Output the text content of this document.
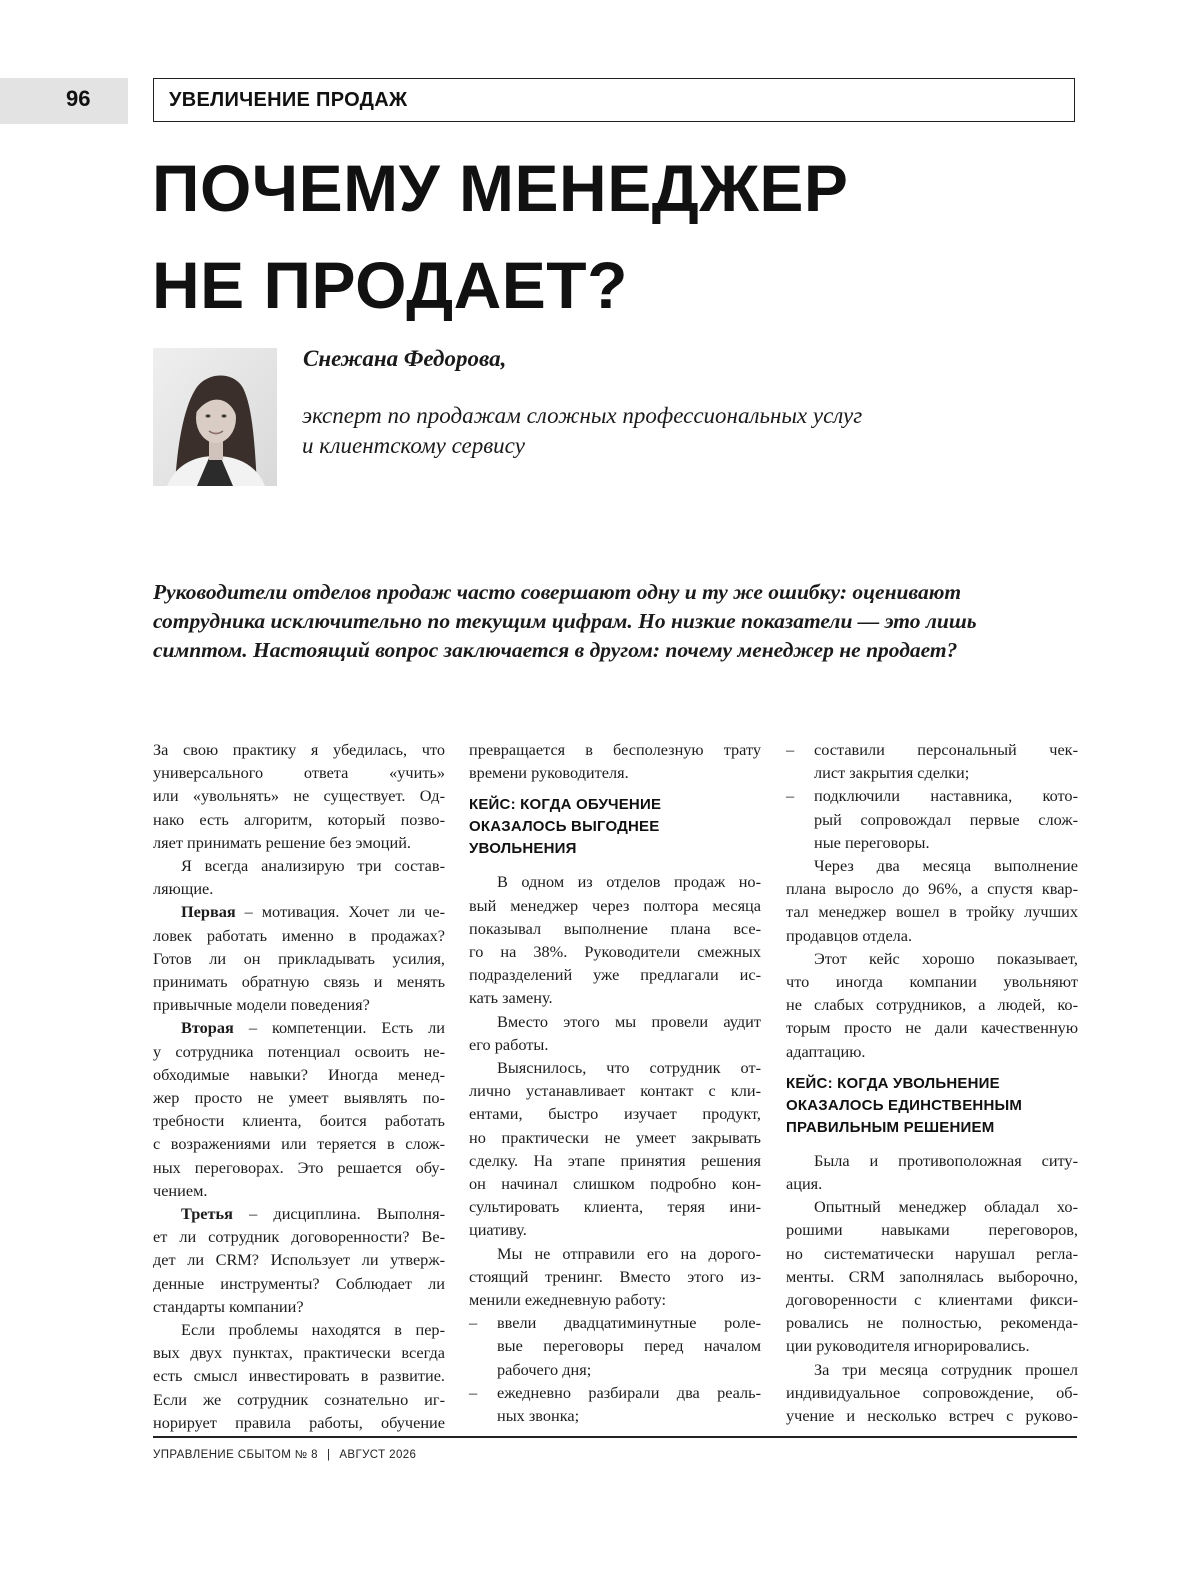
96	УВЕЛИЧЕНИЕ ПРОДАЖ
ПОЧЕМУ МЕНЕДЖЕР
НЕ ПРОДАЕТ?
Снежана Федорова,
эксперт по продажам сложных профессиональных услуг
и клиентскому сервису
Руководители отделов продаж часто совершают одну и ту же ошибку: оценивают
сотрудника исключительно по текущим цифрам. Но низкие показатели — это лишь
симптом. Настоящий вопрос заключается в другом: почему менеджер не продает?

За свою практику я убедилась, что
универсального ответа «учить»
или «увольнять» не существует. Од-
нако есть алгоритм, который позво-
ляет принимать решение без эмоций.

Я всегда анализирую три состав-
ляющие.

Первая – мотивация. Хочет ли че-
ловек работать именно в продажах?
Готов ли он прикладывать усилия,
принимать обратную связь и менять
привычные модели поведения?

Вторая – компетенции. Есть ли
у сотрудника потенциал освоить не-
обходимые навыки? Иногда менед-
жер просто не умеет выявлять по-
требности клиента, боится работать
с возражениями или теряется в слож-
ных переговорах. Это решается обу-
чением.

Третья – дисциплина. Выполня-
ет ли сотрудник договоренности? Ве-
дет ли CRM? Использует ли утверж-
денные инструменты? Соблюдает ли
стандарты компании?

Если проблемы находятся в пер-
вых двух пунктах, практически всегда
есть смысл инвестировать в развитие.
Если же сотрудник сознательно иг-
норирует правила работы, обучение

превращается в бесполезную трату
времени руководителя.

КЕЙС: КОГДА ОБУЧЕНИЕ
ОКАЗАЛОСЬ ВЫГОДНЕЕ
УВОЛЬНЕНИЯ

В одном из отделов продаж но-
вый менеджер через полтора месяца
показывал выполнение плана все-
го на 38%. Руководители смежных
подразделений уже предлагали ис-
кать замену.

Вместо этого мы провели аудит
его работы.

Выяснилось, что сотрудник от-
лично устанавливает контакт с кли-
ентами, быстро изучает продукт,
но практически не умеет закрывать
сделку. На этапе принятия решения
он начинал слишком подробно кон-
сультировать клиента, теряя ини-
циативу.

Мы не отправили его на дорого-
стоящий тренинг. Вместо этого из-
менили ежедневную работу:

– ввели двадцатиминутные роле-
вые переговоры перед началом
рабочего дня;

– ежедневно разбирали два реаль-
ных звонка;

– составили персональный чек-
лист закрытия сделки;

– подключили наставника, кото-
рый сопровождал первые слож-
ные переговоры.

Через два месяца выполнение
плана выросло до 96%, а спустя квар-
тал менеджер вошел в тройку лучших
продавцов отдела.

Этот кейс хорошо показывает,
что иногда компании увольняют
не слабых сотрудников, а людей, ко-
торым просто не дали качественную
адаптацию.

КЕЙС: КОГДА УВОЛЬНЕНИЕ
ОКАЗАЛОСЬ ЕДИНСТВЕННЫМ
ПРАВИЛЬНЫМ РЕШЕНИЕМ

Была и противоположная ситу-
ация.

Опытный менеджер обладал хо-
рошими навыками переговоров,
но систематически нарушал регла-
менты. CRM заполнялась выборочно,
договоренности с клиентами фикси-
ровались не полностью, рекоменда-
ции руководителя игнорировались.

За три месяца сотрудник прошел
индивидуальное сопровождение, об-
учение и несколько встреч с руково-

УПРАВЛЕНИЕ СБЫТОМ № 8 | АВГУСТ 2026
